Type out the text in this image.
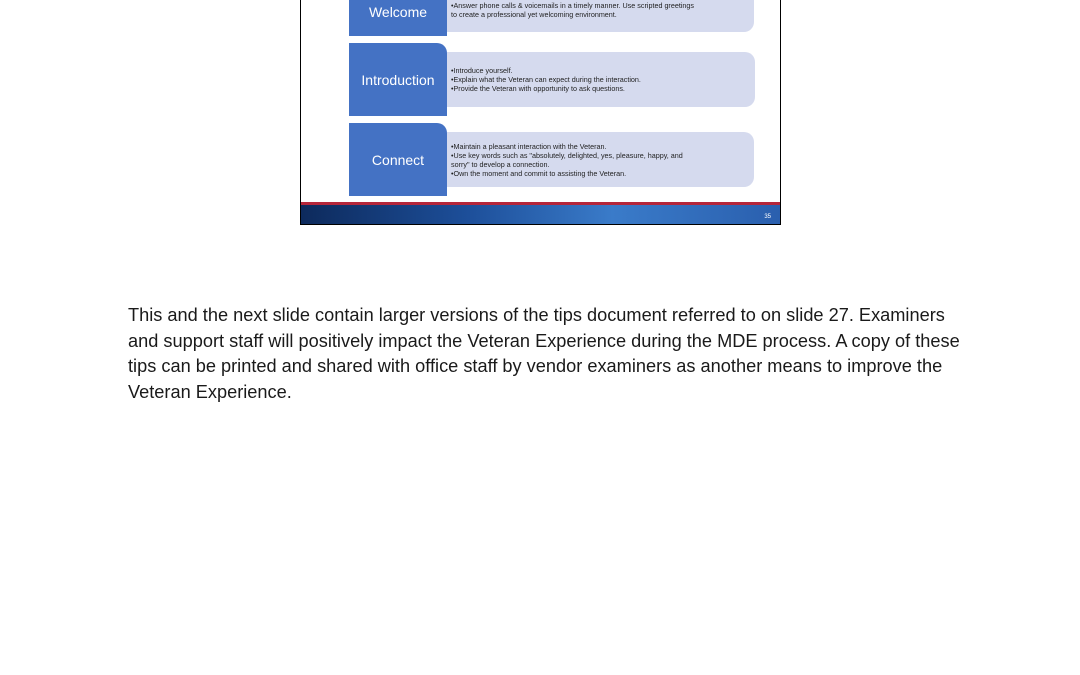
Welcome	•Answer phone calls & voicemails in a timely manner. Use scripted greetings
to create a professional yet welcoming environment.
Introduction
•Introduce yourself.
•Explain what the Veteran can expect during the interaction.
•Provide the Veteran with opportunity to ask questions.
Connect
•Maintain a pleasant interaction with the Veteran.
•Use key words such as "absolutely, delighted, yes, pleasure, happy, and
sorry" to develop a connection.
•Own the moment and commit to assisting the Veteran.
35

This and the next slide contain larger versions of the tips document referred to on slide 27. Examiners and support staff will positively impact the Veteran Experience during the MDE process. A copy of these tips can be printed and shared with office staff by vendor examiners as another means to improve the Veteran Experience.
